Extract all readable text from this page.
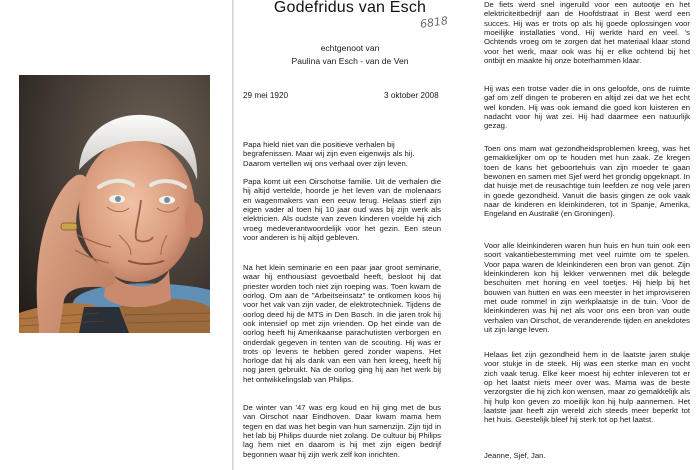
Godefridus van Esch
6818
echtgenoot van
Paulina van Esch - van de Ven
29 mei 1920	3 oktober 2008

Papa hield niet van die positieve verhalen bij begrafenissen. Maar wij zijn even eigenwijs als hij. Daarom vertellen wij ons verhaal over zijn leven.

Papa komt uit een Oirschotse familie. Uit de verhalen die hij altijd vertelde, hoorde je het leven van de molenaars en wagenmakers van een eeuw terug. Helaas stierf zijn eigen vader al toen hij 10 jaar oud was bij zijn werk als elektricien. Als oudste van zeven kinderen voelde hij zich vroeg medeverantwoordelijk voor het gezin. Een steun voor anderen is hij altijd gebleven.

Na het klein seminarie en een paar jaar groot seminarie, waar hij enthousiast gevoetbald heeft, besloot hij dat priester worden toch niet zijn roeping was. Toen kwam de oorlog. Om aan de "Arbeitseinsatz" te ontkomen koos hij voor het vak van zijn vader, de elektrotechniek. Tijdens de oorlog deed hij de MTS in Den Bosch. In die jaren trok hij ook intensief op met zijn vrienden. Op het einde van de oorlog heeft hij Amerikaanse parachutisten verborgen en onderdak gegeven in tenten van de scouting. Hij was er trots op levens te hebben gered zonder wapens. Het horloge dat hij als dank van een van hen kreeg, heeft hij nog jaren gebruikt. Na de oorlog ging hij aan het werk bij het ontwikkelingslab van Philips.

De winter van '47 was erg koud en hij ging met de bus van Oirschot naar Eindhoven. Daar kwam mama hem tegen en dat was het begin van hun samenzijn. Zijn tijd in het lab bij Philips duurde niet zolang. De cultuur bij Philips lag hem niet en daarom is hij met zijn eigen bedrijf begonnen waar hij zijn werk zelf kon inrichten.

De fiets werd snel ingeruild voor een autootje en het elektriciteitbedrijf aan de Hoofdstraat in Best werd een succes. Hij was er trots op als hij goede oplossingen voor moeilijke installaties vond. Hij werkte hard en veel. 's Ochtends vroeg om te zorgen dat het materiaal klaar stond voor het werk, maar ook was hij er elke ochtend bij het ontbijt en maakte hij onze boterhammen klaar.

Hij was een trotse vader die in ons geloofde, ons de ruimte gaf om zelf dingen te proberen en altijd zei dat we het echt wel konden. Hij was ook iemand die goed kon luisteren en nadacht voor hij wat zei. Hij had daarmee een natuurlijk gezag.

Toen ons mam wat gezondheidsproblemen kreeg, was het gemakkelijker om op te houden met hun zaak. Ze kregen toen de kans het geboortehuis van zijn moeder te gaan bewonen en samen met Sjef werd het grondig opgeknapt. In dat huisje met de reusachtige tuin leefden ze nog vele jaren in goede gezondheid. Vanuit die basis gingen ze ook vaak naar de kinderen en kleinkinderen, tot in Spanje, Amerika, Engeland en Australië (en Groningen).

Voor alle kleinkinderen waren hun huis en hun tuin ook een soort vakantiebestemming met veel ruimte om te spelen. Voor papa waren de kleinkinderen een bron van genot. Zijn kleinkinderen kon hij lekker verwennen met dik belegde beschuiten met honing en veel toetjes. Hij hielp bij het bouwen van hutten en was een meester in het improviseren met oude rommel in zijn werkplaatsje in de tuin. Voor de kleinkinderen was hij net als voor ons een bron van oude verhalen van Oirschot, de veranderende tijden en anekdotes uit zijn lange leven.

Helaas liet zijn gezondheid hem in de laatste jaren stukje voor stukje in de steek. Hij was een sterke man en vocht zich vaak terug. Elke keer moest hij echter inleveren tot er op het laatst niets meer over was. Mama was de beste verzorgster die hij zich kon wensen, maar zo gemakkelijk als hij hulp kon geven zo moeilijk kon hij hulp aannemen. Het laatste jaar heeft zijn wereld zich steeds meer beperkt tot het huis. Geestelijk bleef hij sterk tot op het laatst.

Jeanne, Sjef, Jan.
